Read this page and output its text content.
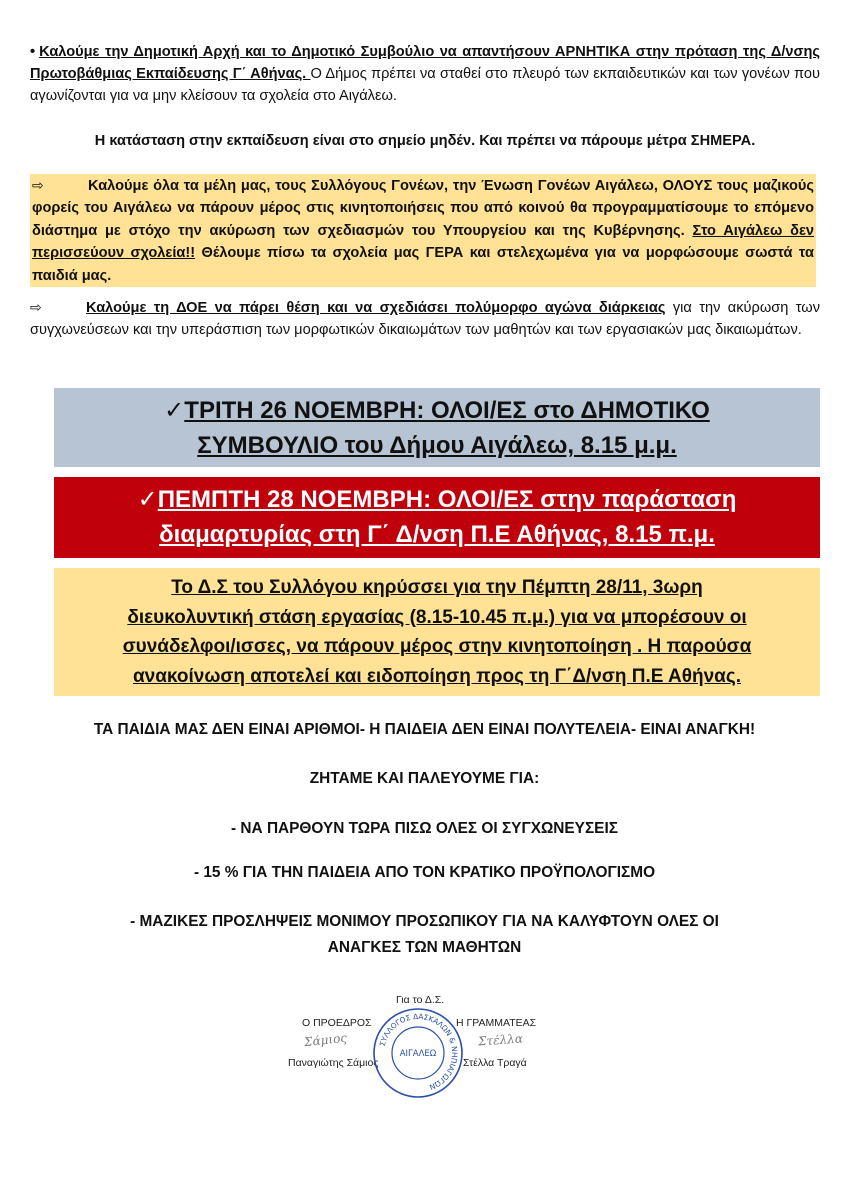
• Καλούμε την Δημοτική Αρχή και το Δημοτικό Συμβούλιο να απαντήσουν ΑΡΝΗΤΙΚΑ στην πρόταση της Δ/νσης Πρωτοβάθμιας Εκπαίδευσης Γ΄ Αθήνας. Ο Δήμος πρέπει να σταθεί στο πλευρό των εκπαιδευτικών και των γονέων που αγωνίζονται για να μην κλείσουν τα σχολεία στο Αιγάλεω.

Η κατάσταση στην εκπαίδευση είναι στο σημείο μηδέν. Και πρέπει να πάρουμε μέτρα ΣΗΜΕΡΑ.

⇨	Καλούμε όλα τα μέλη μας, τους Συλλόγους Γονέων, την Ένωση Γονέων Αιγάλεω, ΟΛΟΥΣ τους μαζικούς φορείς του Αιγάλεω να πάρουν μέρος στις κινητοποιήσεις που από κοινού θα προγραμματίσουμε το επόμενο διάστημα με στόχο την ακύρωση των σχεδιασμών του Υπουργείου και της Κυβέρνησης. Στο Αιγάλεω δεν περισσεύουν σχολεία!! Θέλουμε πίσω τα σχολεία μας ΓΕΡΑ και στελεχωμένα για να μορφώσουμε σωστά τα παιδιά μας.

⇨	Καλούμε τη ΔΟΕ να πάρει θέση και να σχεδιάσει πολύμορφο αγώνα διάρκειας για την ακύρωση των συγχωνεύσεων και την υπεράσπιση των μορφωτικών δικαιωμάτων των μαθητών και των εργασιακών μας δικαιωμάτων.

✓ΤΡΙΤΗ 26 ΝΟΕΜΒΡΗ: ΟΛΟΙ/ΕΣ στο ΔΗΜΟΤΙΚΟ
ΣΥΜΒΟΥΛΙΟ του Δήμου Αιγάλεω, 8.15 μ.μ.
✓ΠΕΜΠΤΗ 28 ΝΟΕΜΒΡΗ: ΟΛΟΙ/ΕΣ στην παράσταση
διαμαρτυρίας στη Γ΄ Δ/νση Π.Ε Αθήνας, 8.15 π.μ.
Το Δ.Σ του Συλλόγου κηρύσσει για την Πέμπτη 28/11, 3ωρη
διευκολυντική στάση εργασίας (8.15-10.45 π.μ.) για να μπορέσουν οι
συνάδελφοι/ισσες, να πάρουν μέρος στην κινητοποίηση . Η παρούσα
ανακοίνωση αποτελεί και ειδοποίηση προς τη Γ΄Δ/νση Π.Ε Αθήνας.
ΤΑ ΠΑΙΔΙΑ ΜΑΣ ΔΕΝ ΕΙΝΑΙ ΑΡΙΘΜΟΙ- Η ΠΑΙΔΕΙΑ ΔΕΝ ΕΙΝΑΙ ΠΟΛΥΤΕΛΕΙΑ- ΕΙΝΑΙ ΑΝΑΓΚΗ!
ΖΗΤΑΜΕ ΚΑΙ ΠΑΛΕΥΟΥΜΕ ΓΙΑ:
- ΝΑ ΠΑΡΘΟΥΝ ΤΩΡΑ ΠΙΣΩ ΟΛΕΣ ΟΙ ΣΥΓΧΩΝΕΥΣΕΙΣ
- 15 % ΓΙΑ ΤΗΝ ΠΑΙΔΕΙΑ ΑΠΟ ΤΟΝ ΚΡΑΤΙΚΟ ΠΡΟΫΠΟΛΟΓΙΣΜΟ
- ΜΑΖΙΚΕΣ ΠΡΟΣΛΗΨΕΙΣ ΜΟΝΙΜΟΥ ΠΡΟΣΩΠΙΚΟΥ ΓΙΑ ΝΑ ΚΑΛΥΦΤΟΥΝ ΟΛΕΣ ΟΙ
ΑΝΑΓΚΕΣ ΤΩΝ ΜΑΘΗΤΩΝ
Για το Δ.Σ.
Ο ΠΡΟΕΔΡΟΣ	Η ΓΡΑΜΜΑΤΕΑΣ
Σάμιος	Στέλλα
Παναγιώτης Σάμιος	Στέλλα Τραγά
ΣΥΛΛΟΓΟΣ ΔΑΣΚΑΛΩΝ & ΝΗΠΙΑΓΩΓΩΝ
ΑΙΓΑΛΕΩ
